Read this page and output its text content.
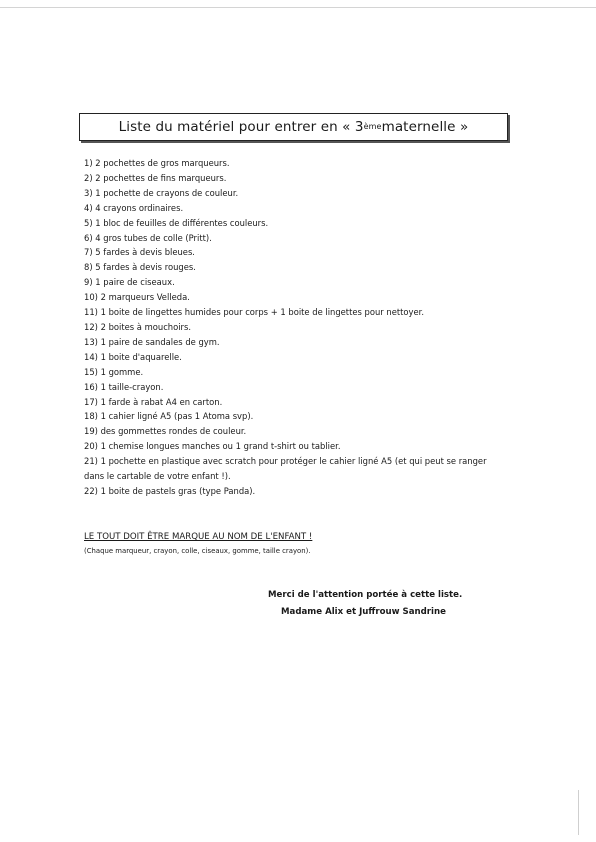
Liste du matériel pour entrer en « 3ème maternelle »
1) 2 pochettes de gros marqueurs.
2) 2 pochettes de fins marqueurs.
3) 1 pochette de crayons de couleur.
4) 4 crayons ordinaires.
5) 1 bloc de feuilles de différentes couleurs.
6) 4 gros tubes de colle (Pritt).
7) 5 fardes à devis bleues.
8) 5 fardes à devis rouges.
9) 1 paire de ciseaux.
10) 2 marqueurs Velleda.
11) 1 boite de lingettes humides pour corps + 1 boite de lingettes pour nettoyer.
12) 2 boites à mouchoirs.
13) 1 paire de sandales de gym.
14) 1 boite d'aquarelle.
15) 1 gomme.
16) 1 taille-crayon.
17) 1 farde à rabat A4 en carton.
18) 1 cahier ligné A5 (pas 1 Atoma svp).
19) des gommettes rondes de couleur.
20) 1 chemise longues manches ou 1 grand t-shirt ou tablier.
21) 1 pochette en plastique avec scratch pour protéger le cahier ligné A5 (et qui peut se ranger dans le cartable de votre enfant !).
22) 1 boite de pastels gras (type Panda).
LE TOUT DOIT ÊTRE MARQUE AU NOM DE L'ENFANT !
(Chaque marqueur, crayon, colle, ciseaux, gomme, taille crayon).
Merci de l'attention portée à cette liste.
Madame Alix et Juffrouw Sandrine
